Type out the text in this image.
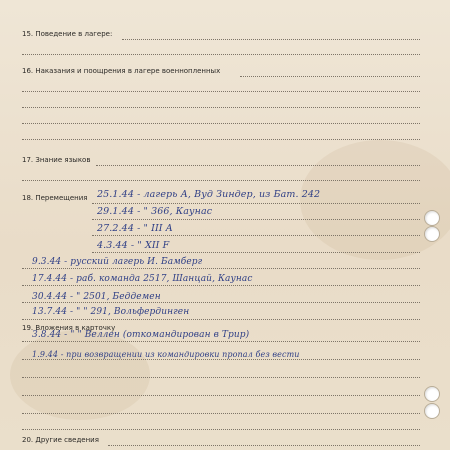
15. Поведение в лагере:
16. Наказания и поощрения в лагере военнопленных
17. Знание языков
18. Перемещения
19. Вложения в карточку
20. Другие сведения
25.1.44 - лагерь А, Вуд Зиндер, из Бат. 242
29.1.44 - " 366, Каунас
27.2.44 - " III A
4.3.44 - " XII F
9.3.44 - русский лагерь И. Бамберг
17.4.44 - раб. команда 2517, Шанцай, Каунас
30.4.44 - " 2501, Беддемен
13.7.44 - " " 291, Вольфердинген
3.8.44 - " " Веллен (откомандирован в Трир)
1.9.44 - при возвращении из командировки пропал без вести
